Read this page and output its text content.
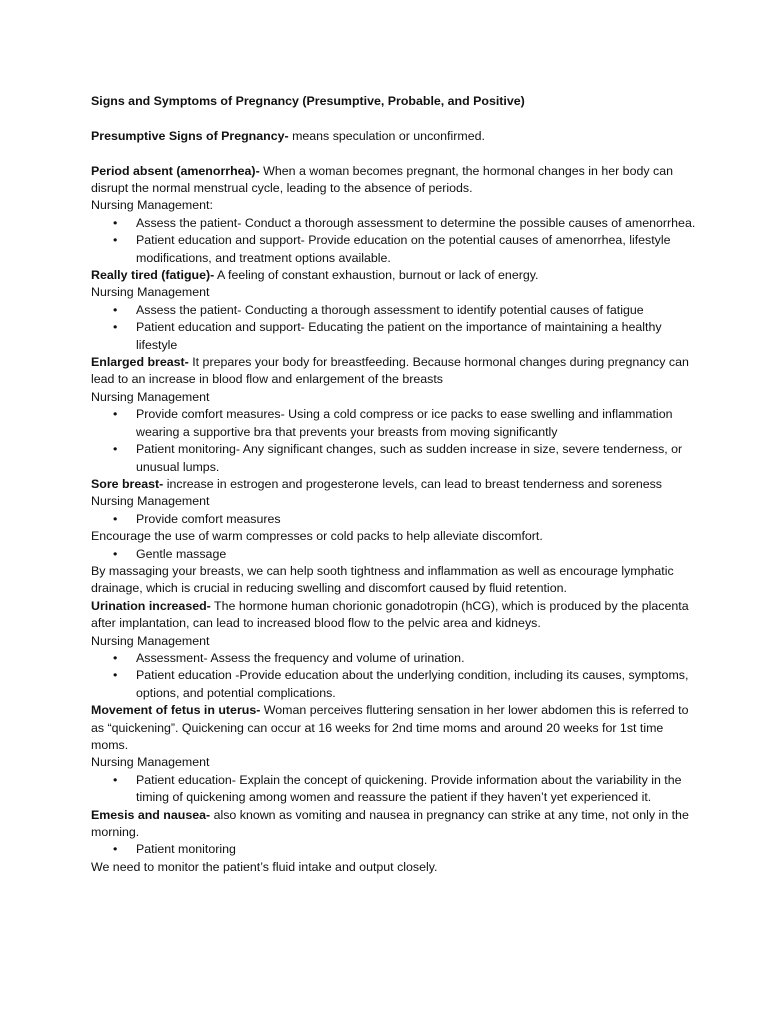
Signs and Symptoms of Pregnancy (Presumptive, Probable, and Positive)

Presumptive Signs of Pregnancy- means speculation or unconfirmed.

Period absent (amenorrhea)- When a woman becomes pregnant, the hormonal changes in her body can disrupt the normal menstrual cycle, leading to the absence of periods.

Nursing Management:

• Assess the patient- Conduct a thorough assessment to determine the possible causes of amenorrhea.
• Patient education and support- Provide education on the potential causes of amenorrhea, lifestyle modifications, and treatment options available.

Really tired (fatigue)- A feeling of constant exhaustion, burnout or lack of energy.

Nursing Management

• Assess the patient- Conducting a thorough assessment to identify potential causes of fatigue
• Patient education and support- Educating the patient on the importance of maintaining a healthy lifestyle

Enlarged breast- It prepares your body for breastfeeding. Because hormonal changes during pregnancy can lead to an increase in blood flow and enlargement of the breasts

Nursing Management

• Provide comfort measures- Using a cold compress or ice packs to ease swelling and inflammation wearing a supportive bra that prevents your breasts from moving significantly
• Patient monitoring- Any significant changes, such as sudden increase in size, severe tenderness, or unusual lumps.

Sore breast- increase in estrogen and progesterone levels, can lead to breast tenderness and soreness

Nursing Management

• Provide comfort measures

Encourage the use of warm compresses or cold packs to help alleviate discomfort.

• Gentle massage

By massaging your breasts, we can help sooth tightness and inflammation as well as encourage lymphatic drainage, which is crucial in reducing swelling and discomfort caused by fluid retention.

Urination increased- The hormone human chorionic gonadotropin (hCG), which is produced by the placenta after implantation, can lead to increased blood flow to the pelvic area and kidneys.

Nursing Management

• Assessment- Assess the frequency and volume of urination.
• Patient education -Provide education about the underlying condition, including its causes, symptoms, options, and potential complications.

Movement of fetus in uterus- Woman perceives fluttering sensation in her lower abdomen this is referred to as “quickening”. Quickening can occur at 16 weeks for 2nd time moms and around 20 weeks for 1st time moms.

Nursing Management

• Patient education- Explain the concept of quickening. Provide information about the variability in the timing of quickening among women and reassure the patient if they haven’t yet experienced it.

Emesis and nausea- also known as vomiting and nausea in pregnancy can strike at any time, not only in the morning.

• Patient monitoring

We need to monitor the patient’s fluid intake and output closely.
